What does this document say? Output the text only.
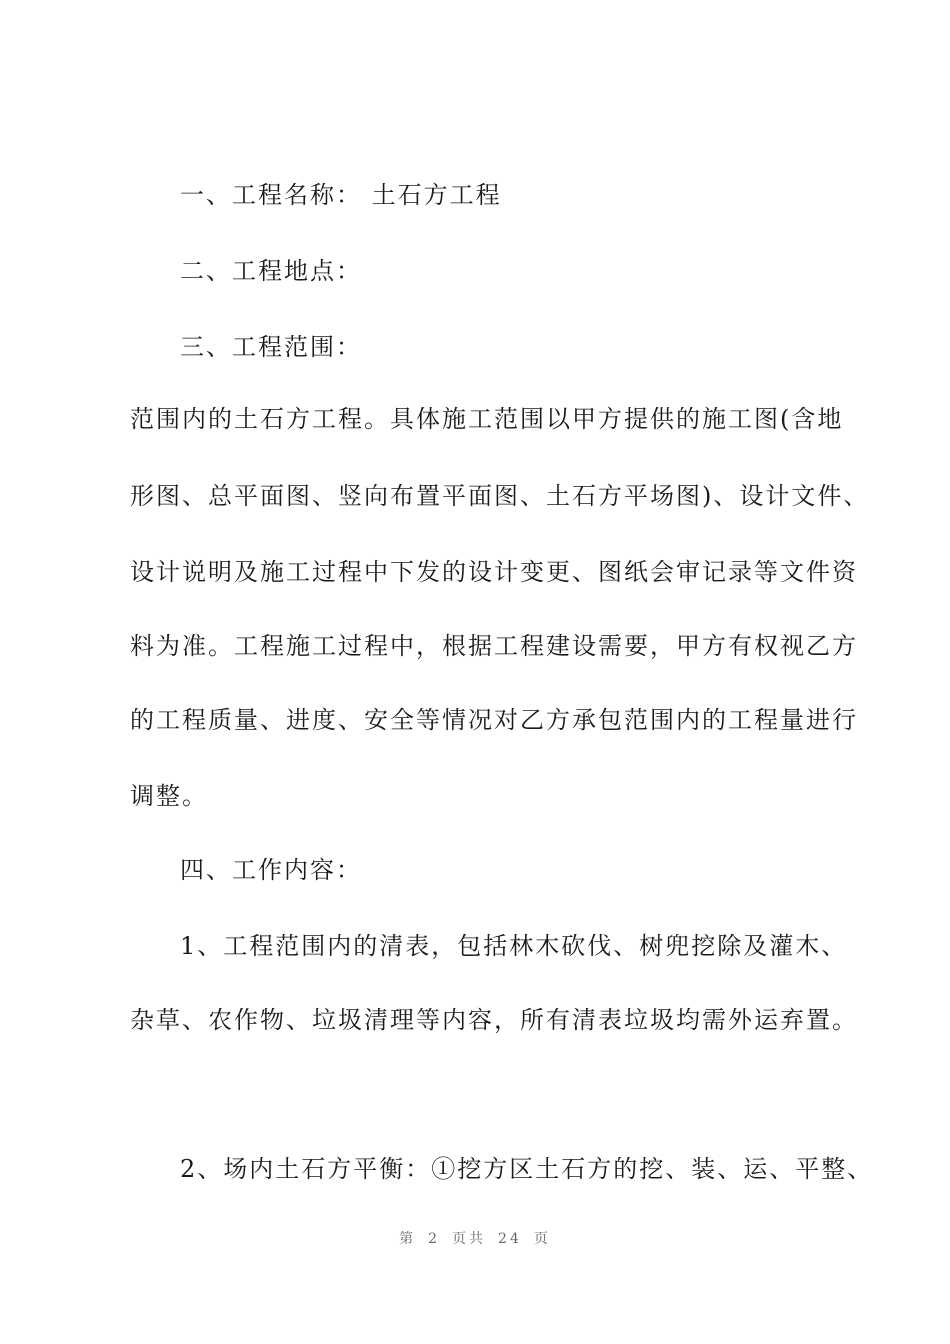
一、工程名称： 土石方工程
二、工程地点：
三、工程范围：
范围内的土石方工程。具体施工范围以甲方提供的施工图(含地
形图、总平面图、竖向布置平面图、土石方平场图)、设计文件、
设计说明及施工过程中下发的设计变更、图纸会审记录等文件资
料为准。工程施工过程中，根据工程建设需要，甲方有权视乙方
的工程质量、进度、安全等情况对乙方承包范围内的工程量进行
调整。
四、工作内容：
1、工程范围内的清表，包括林木砍伐、树兜挖除及灌木、
杂草、农作物、垃圾清理等内容，所有清表垃圾均需外运弃置。
2、场内土石方平衡：①挖方区土石方的挖、装、运、平整、
第 2 页共 24 页
